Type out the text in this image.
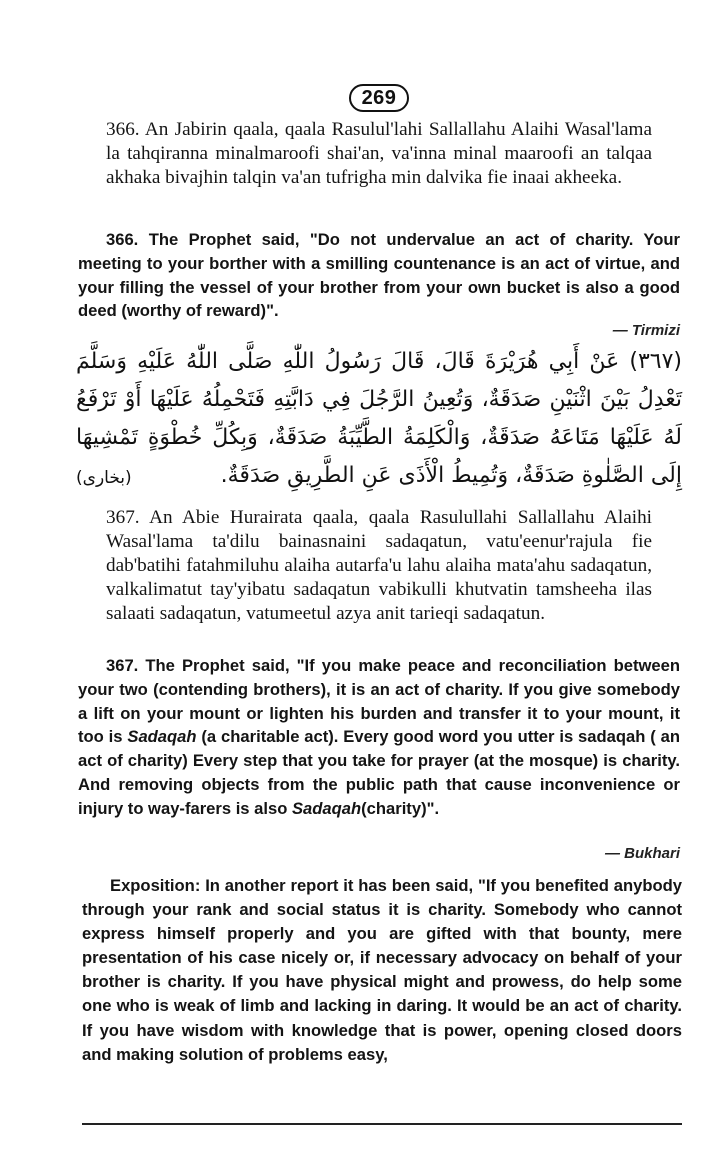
269

366. An Jabirin qaala, qaala Rasulul'lahi Sallallahu Alaihi Wasal'lama la tahqiranna minalmaroofi shai'an, va'inna minal maaroofi an talqaa akhaka bivajhin talqin va'an tufrigha min dalvika fie inaai akheeka.

366. The Prophet said, "Do not undervalue an act of charity. Your meeting to your borther with a smilling countenance is an act of virtue, and your filling the vessel of your brother from your own bucket is also a good deed (worthy of reward)".

— Tirmizi

(٣٦٧) عَنْ أَبِي هُرَيْرَةَ قَالَ، قَالَ رَسُولُ اللّٰهِ صَلَّى اللّٰهُ عَلَيْهِ وَسَلَّمَ تَعْدِلُ بَيْنَ اثْنَيْنِ صَدَقَةٌ، وَتُعِينُ الرَّجُلَ فِي دَابَّتِهِ فَتَحْمِلُهُ عَلَيْهَا أَوْ تَرْفَعُ لَهُ عَلَيْهَا مَتَاعَهُ صَدَقَةٌ، وَالْكَلِمَةُ الطَّيِّبَةُ صَدَقَةٌ، وَبِكُلِّ خُطْوَةٍ تَمْشِيهَا إِلَى الصَّلٰوةِ صَدَقَةٌ، وَتُمِيطُ الْأَذَى عَنِ الطَّرِيقِ صَدَقَةٌ.

(بخاری)

367. An Abie Hurairata qaala, qaala Rasulullahi Sallallahu Alaihi Wasal'lama ta'dilu bainasnaini sadaqatun, vatu'eenur'rajula fie dab'batihi fatahmiluhu alaiha autarfa'u lahu alaiha mata'ahu sadaqatun, valkalimatut tay'yibatu sadaqatun vabikulli khutvatin tamsheeha ilas salaati sadaqatun, vatumeetul azya anit tarieqi sadaqatun.

367. The Prophet said, "If you make peace and reconciliation between your two (contending brothers), it is an act of charity. If you give somebody a lift on your mount or lighten his burden and transfer it to your mount, it too is Sadaqah (a charitable act). Every good word you utter is sadaqah ( an act of charity) Every step that you take for prayer (at the mosque) is charity. And removing objects from the public path that cause inconvenience or injury to way-farers is also Sadaqah(charity)".

— Bukhari

Exposition: In another report it has been said, "If you benefited anybody through your rank and social status it is charity. Somebody who cannot express himself properly and you are gifted with that bounty, mere presentation of his case nicely or, if necessary advocacy on behalf of your brother is charity. If you have physical might and prowess, do help some one who is weak of limb and lacking in daring. It would be an act of charity. If you have wisdom with knowledge that is power, opening closed doors and making solution of problems easy,
